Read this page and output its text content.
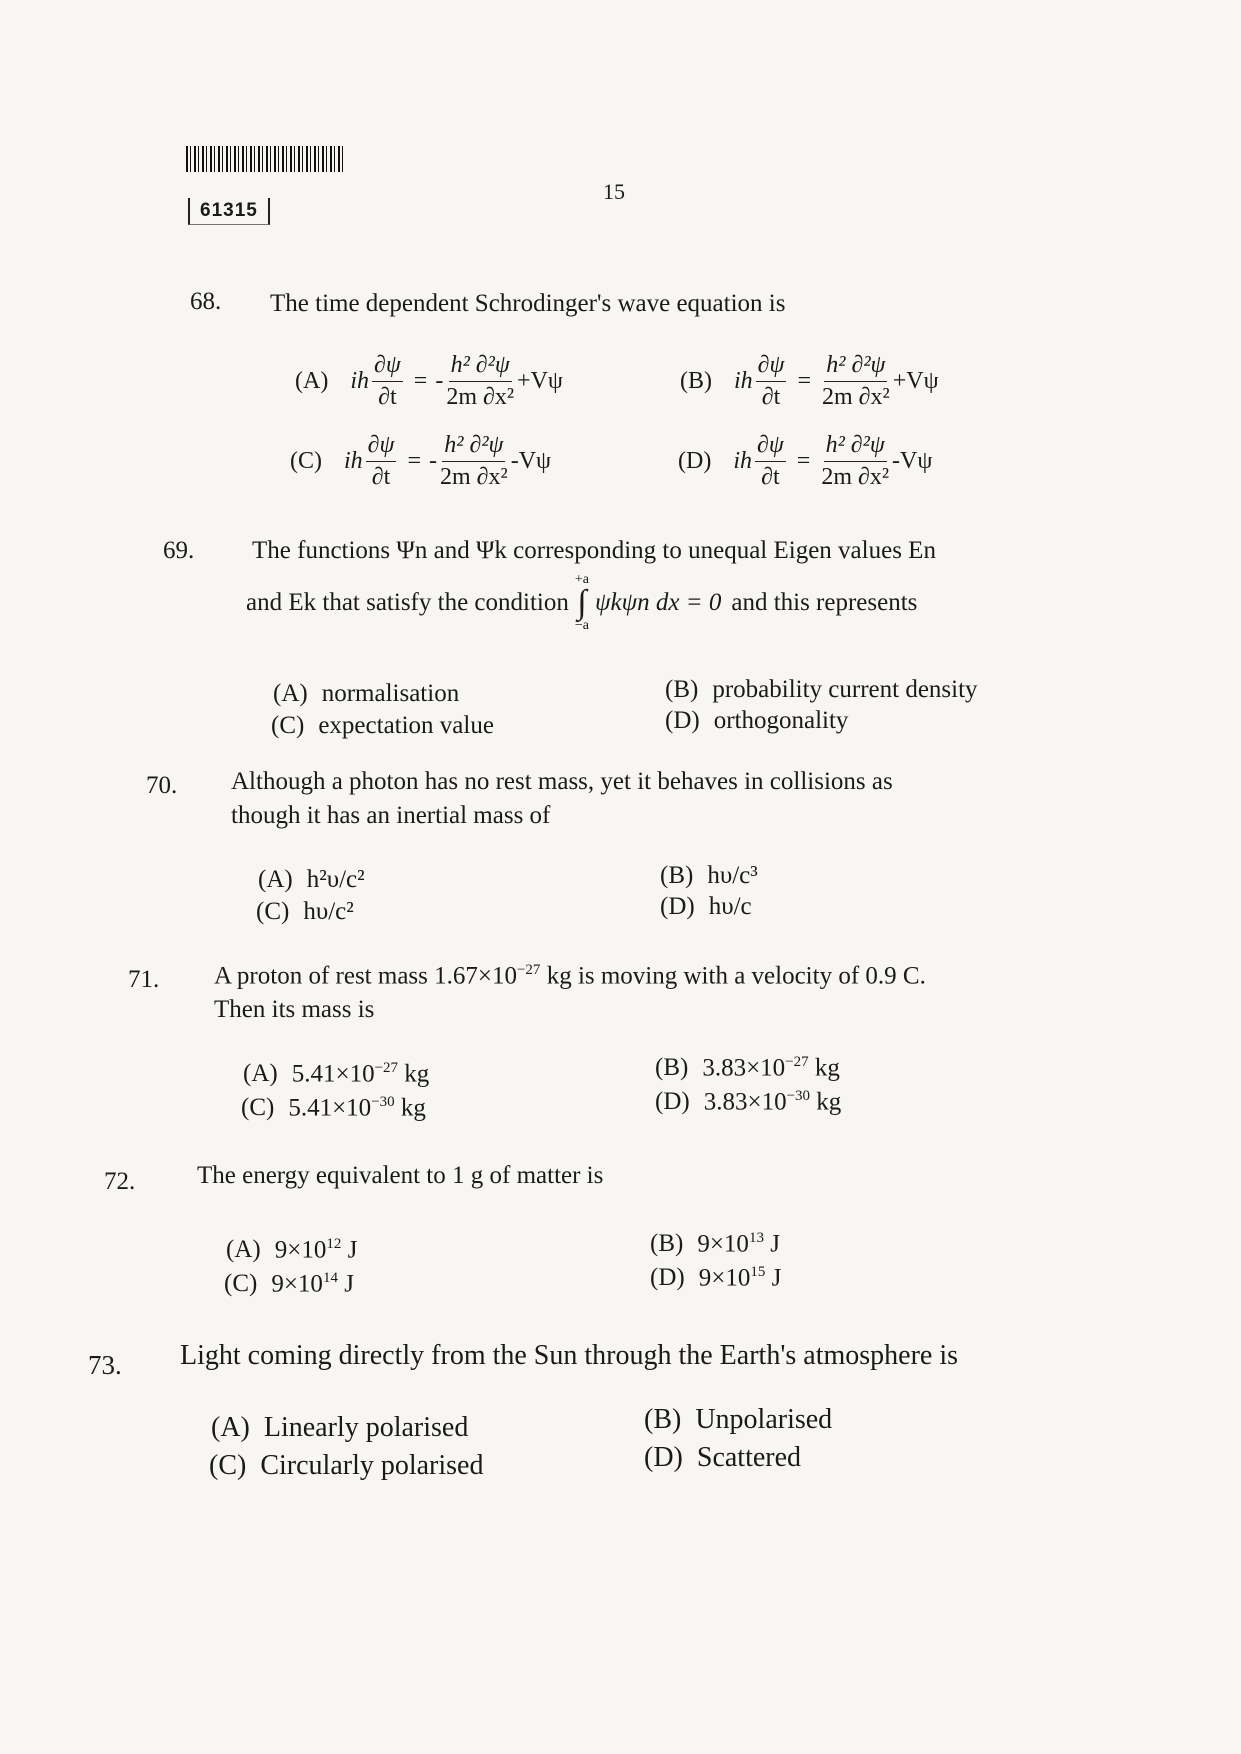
61315
15
68. The time dependent Schrodinger's wave equation is
(A) ih $\frac{\partial\psi}{\partial t}$ = - $\frac{\text{h² ∂²ψ}}{\text{2m ∂x²}} +V\psi$	(B) ih $\frac{\partial\psi}{\partial t} = \frac{\text{h² ∂²ψ}}{\text{2m ∂x²}} +V\psi$
(C) ih $\frac{\partial\psi}{\partial t}$ = - $\frac{\text{h² ∂²ψ}}{\text{2m ∂x²}} -V\psi$	(D) ih $\frac{\partial\psi}{\partial t} = \frac{\text{h² ∂²ψ}}{\text{2m ∂x²}} -V\psi$
69. The functions Ψn and Ψk corresponding to unequal Eigen values En
and Ek that satisfy the condition
+a
∫
−a
ψkψn dx = 0 and this represents
(A) normalisation	(B) probability current density
(C) expectation value	(D) orthogonality
70. Although a photon has no rest mass, yet it behaves in collisions as
though it has an inertial mass of
(A) h²υ/c²	(B) hυ/c³
(C) hυ/c²	(D) hυ/c
71. A proton of rest mass $1.67\times 10^{-27}$ kg is moving with a velocity of 0.9 C.
Then its mass is
(A) $5.41\times 10^{-27}$ kg	(B) $3.83\times 10^{-27}$ kg
(C) $5.41\times 10^{-30}$ kg	(D) $3.83\times 10^{-30}$ kg
72. The energy equivalent to 1 g of matter is
(A) $9\times 10^{12}$ J	(B) $9\times 10^{13}$ J
(C) $9\times 10^{14}$ J	(D) $9\times 10^{15}$ J
73. Light coming directly from the Sun through the Earth's atmosphere is
(A) Linearly polarised	(B) Unpolarised
(C) Circularly polarised	(D) Scattered
